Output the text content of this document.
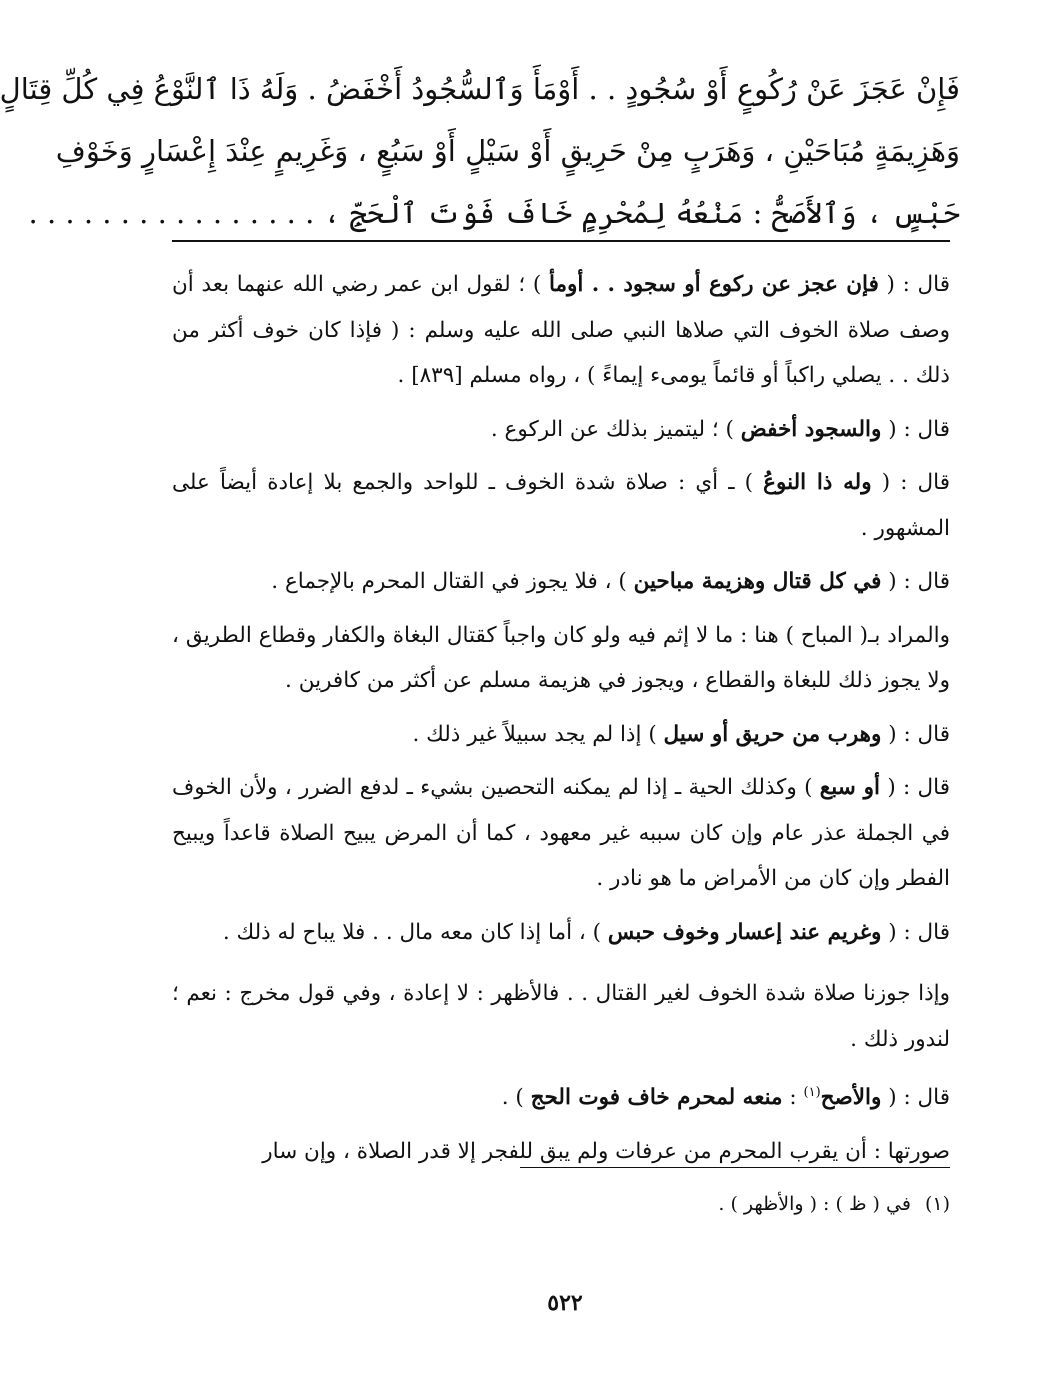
فَإِنْ عَجَزَ عَنْ رُكُوعٍ أَوْ سُجُودٍ . . أَوْمَأَ وَٱلسُّجُودُ أَخْفَضُ . وَلَهُ ذَا ٱلنَّوْعُ فِي كُلِّ قِتَالٍ
وَهَزِيمَةٍ مُبَاحَيْنِ ، وَهَرَبٍ مِنْ حَرِيقٍ أَوْ سَيْلٍ أَوْ سَبُعٍ ، وَغَرِيمٍ عِنْدَ إِعْسَارٍ وَخَوْفِ
حَبْسٍ ، وَٱلأَصَحُّ : مَنْعُهُ لِمُحْرِمٍ خَافَ فَوْتَ ٱلْحَجِّ ، . . . . . . . . . . . . . . . .

قال : ( فإن عجز عن ركوع أو سجود . . أومأ ) ؛ لقول ابن عمر رضي الله عنهما بعد أن وصف صلاة الخوف التي صلاها النبي صلى الله عليه وسلم : ( فإذا كان خوف أكثر من ذلك . . يصلي راكباً أو قائماً يومىء إيماءً ) ، رواه مسلم [٨٣٩] .

قال : ( والسجود أخفض ) ؛ ليتميز بذلك عن الركوع .

قال : ( وله ذا النوعُ ) ـ أي : صلاة شدة الخوف ـ للواحد والجمع بلا إعادة أيضاً على المشهور .

قال : ( في كل قتال وهزيمة مباحين ) ، فلا يجوز في القتال المحرم بالإجماع .

والمراد بـ( المباح ) هنا : ما لا إثم فيه ولو كان واجباً كقتال البغاة والكفار وقطاع الطريق ، ولا يجوز ذلك للبغاة والقطاع ، ويجوز في هزيمة مسلم عن أكثر من كافرين .

قال : ( وهرب من حريق أو سيل ) إذا لم يجد سبيلاً غير ذلك .

قال : ( أو سبع ) وكذلك الحية ـ إذا لم يمكنه التحصين بشيء ـ لدفع الضرر ، ولأن الخوف في الجملة عذر عام وإن كان سببه غير معهود ، كما أن المرض يبيح الصلاة قاعداً ويبيح الفطر وإن كان من الأمراض ما هو نادر .

قال : ( وغريم عند إعسار وخوف حبس ) ، أما إذا كان معه مال . . فلا يباح له ذلك .

وإذا جوزنا صلاة شدة الخوف لغير القتال . . فالأظهر : لا إعادة ، وفي قول مخرج : نعم ؛ لندور ذلك .

قال : ( والأصح$^{(١)}$ : منعه لمحرم خاف فوت الحج ) .

صورتها : أن يقرب المحرم من عرفات ولم يبق للفجر إلا قدر الصلاة ، وإن سار

(١)في ( ظ ) : ( والأظهر ) .
٥٢٢
